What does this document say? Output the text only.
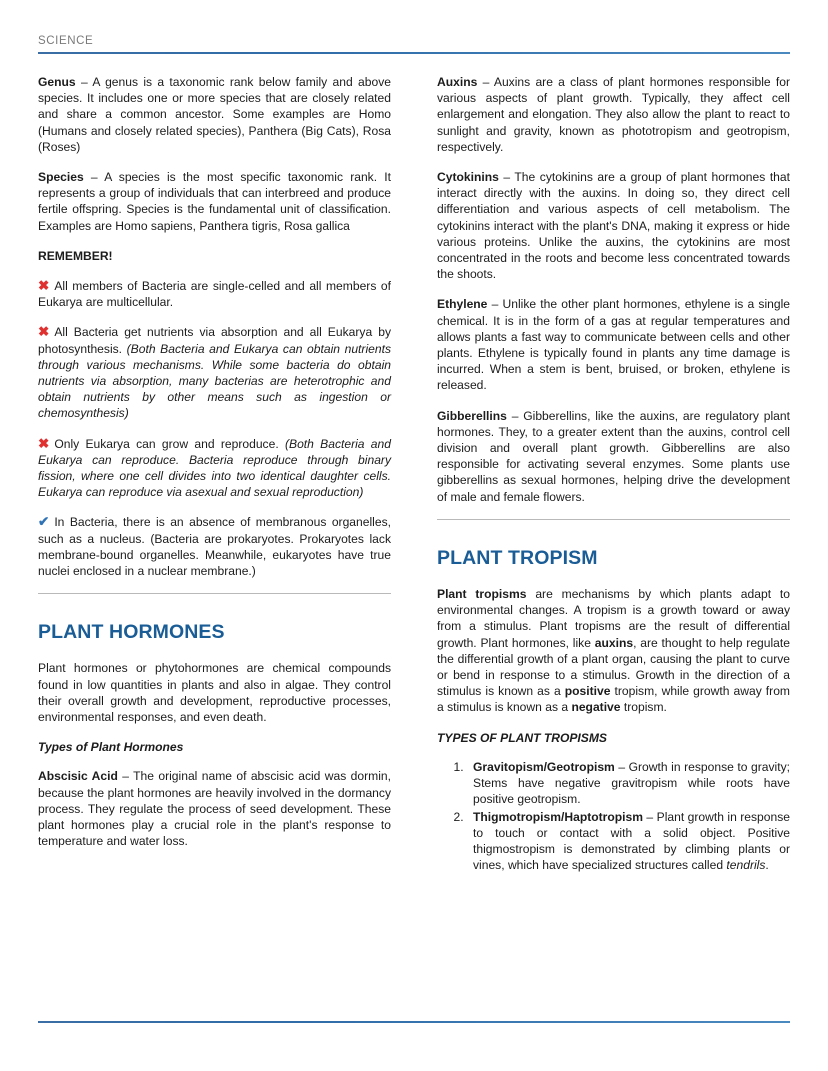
SCIENCE

Genus – A genus is a taxonomic rank below family and above species. It includes one or more species that are closely related and share a common ancestor. Some examples are Homo (Humans and closely related species), Panthera (Big Cats), Rosa (Roses)

Species – A species is the most specific taxonomic rank. It represents a group of individuals that can interbreed and produce fertile offspring. Species is the fundamental unit of classification. Examples are Homo sapiens, Panthera tigris, Rosa gallica

REMEMBER!

✖ All members of Bacteria are single-celled and all members of Eukarya are multicellular.

✖ All Bacteria get nutrients via absorption and all Eukarya by photosynthesis. (Both Bacteria and Eukarya can obtain nutrients through various mechanisms. While some bacteria do obtain nutrients via absorption, many bacterias are heterotrophic and obtain nutrients by other means such as ingestion or chemosynthesis)

✖ Only Eukarya can grow and reproduce. (Both Bacteria and Eukarya can reproduce. Bacteria reproduce through binary fission, where one cell divides into two identical daughter cells. Eukarya can reproduce via asexual and sexual reproduction)

✔ In Bacteria, there is an absence of membranous organelles, such as a nucleus. (Bacteria are prokaryotes. Prokaryotes lack membrane-bound organelles. Meanwhile, eukaryotes have true nuclei enclosed in a nuclear membrane.)

PLANT HORMONES

Plant hormones or phytohormones are chemical compounds found in low quantities in plants and also in algae. They control their overall growth and development, reproductive processes, environmental responses, and even death.

Types of Plant Hormones

Abscisic Acid – The original name of abscisic acid was dormin, because the plant hormones are heavily involved in the dormancy process. They regulate the process of seed development. These plant hormones play a crucial role in the plant's response to temperature and water loss.

Auxins – Auxins are a class of plant hormones responsible for various aspects of plant growth. Typically, they affect cell enlargement and elongation. They also allow the plant to react to sunlight and gravity, known as phototropism and geotropism, respectively.

Cytokinins – The cytokinins are a group of plant hormones that interact directly with the auxins. In doing so, they direct cell differentiation and various aspects of cell metabolism. The cytokinins interact with the plant's DNA, making it express or hide various proteins. Unlike the auxins, the cytokinins are most concentrated in the roots and become less concentrated towards the shoots.

Ethylene – Unlike the other plant hormones, ethylene is a single chemical. It is in the form of a gas at regular temperatures and allows plants a fast way to communicate between cells and other plants. Ethylene is typically found in plants any time damage is incurred. When a stem is bent, bruised, or broken, ethylene is released.

Gibberellins – Gibberellins, like the auxins, are regulatory plant hormones. They, to a greater extent than the auxins, control cell division and overall plant growth. Gibberellins are also responsible for activating several enzymes. Some plants use gibberellins as sexual hormones, helping drive the development of male and female flowers.

PLANT TROPISM

Plant tropisms are mechanisms by which plants adapt to environmental changes. A tropism is a growth toward or away from a stimulus. Plant tropisms are the result of differential growth. Plant hormones, like auxins, are thought to help regulate the differential growth of a plant organ, causing the plant to curve or bend in response to a stimulus. Growth in the direction of a stimulus is known as a positive tropism, while growth away from a stimulus is known as a negative tropism.

TYPES OF PLANT TROPISMS

1. Gravitopism/Geotropism – Growth in response to gravity; Stems have negative gravitropism while roots have positive geotropism.
2. Thigmotropism/Haptotropism – Plant growth in response to touch or contact with a solid object. Positive thigmostropism is demonstrated by climbing plants or vines, which have specialized structures called tendrils.
